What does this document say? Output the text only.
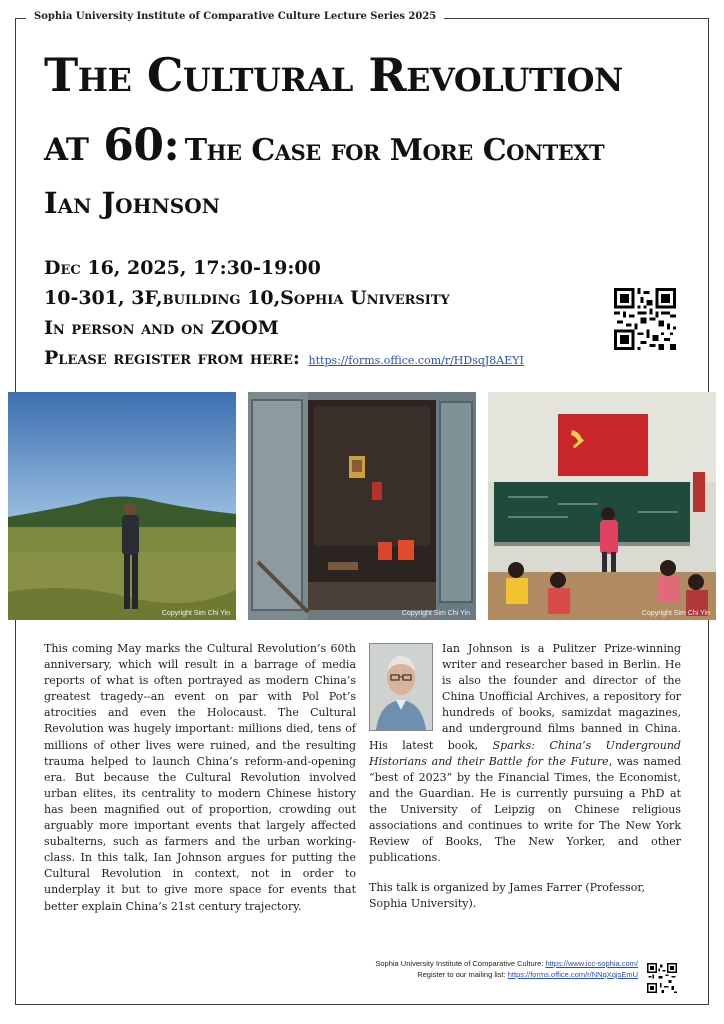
Sophia University Institute of Comparative Culture Lecture Series 2025
The Cultural Revolution
at 60: The Case for More Context
Ian Johnson
Dec 16, 2025, 17:30-19:00
10-301, 3F,building 10,Sophia University
In person and on ZOOM
Please register from here: https://forms.office.com/r/HDsqJ8AEYI
Copyright Sim Chi Yin	Copyright Sim Chi Yin	Copyright Sim Chi Yin

This coming May marks the Cultural Revolution’s 60th anniversary, which will result in a barrage of media reports of what is often portrayed as modern China’s greatest tragedy--an event on par with Pol Pot’s atrocities and even the Holocaust. The Cultural Revolution was hugely important: millions died, tens of millions of other lives were ruined, and the resulting trauma helped to launch China’s reform-and-opening era. But because the Cultural Revolution involved urban elites, its centrality to modern Chinese history has been magnified out of proportion, crowding out arguably more important events that largely affected subalterns, such as farmers and the urban working-class. In this talk, Ian Johnson argues for putting the Cultural Revolution in context, not in order to underplay it but to give more space for events that better explain China’s 21st century trajectory.

Ian Johnson is a Pulitzer Prize-winning writer and researcher based in Berlin. He is also the founder and director of the China Unofficial Archives, a repository for hundreds of books, samizdat magazines, and underground films banned in China. His latest book, Sparks: China’s Underground Historians and their Battle for the Future, was named “best of 2023” by the Financial Times, the Economist, and the Guardian. He is currently pursuing a PhD at the University of Leipzig on Chinese religious associations and continues to write for The New York Review of Books, The New Yorker, and other publications.

This talk is organized by James Farrer (Professor, Sophia University).

Sophia University Institute of Comparative Culture: https://www.icc-sophia.com/
Register to our mailing list: https://forms.office.com/r/NNqXqjsEmU
